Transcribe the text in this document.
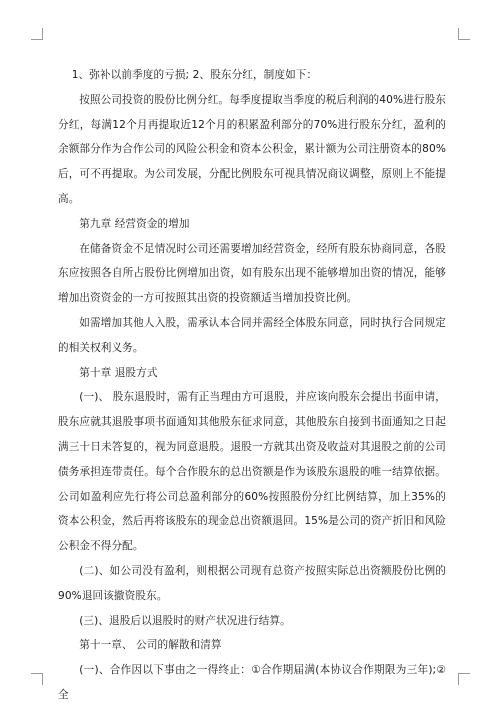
1、弥补以前季度的亏损; 2、股东分红，制度如下：

按照公司投资的股份比例分红。每季度提取当季度的税后利润的40%进行股东分红，每满12个月再提取近12个月的积累盈利部分的70%进行股东分红，盈利的余额部分作为合作公司的风险公积金和资本公积金，累计额为公司注册资本的80%后，可不再提取。为公司发展，分配比例股东可视具情况商议调整，原则上不能提高。

第九章 经营资金的增加

在储备资金不足情况时公司还需要增加经营资金，经所有股东协商同意，各股东应按照各自所占股份比例增加出资，如有股东出现不能够增加出资的情况，能够增加出资资金的一方可按照其出资的投资额适当增加投资比例。

如需增加其他人入股，需承认本合同并需经全体股东同意，同时执行合同规定的相关权利义务。

第十章 退股方式

(一)、 股东退股时，需有正当理由方可退股，并应该向股东会提出书面申请，股东应就其退股事项书面通知其他股东征求同意，其他股东自接到书面通知之日起满三十日未答复的，视为同意退股。退股一方就其出资及收益对其退股之前的公司债务承担连带责任。每个合作股东的总出资额是作为该股东退股的唯一结算依据。公司如盈利应先行将公司总盈利部分的60%按照股份分红比例结算，加上35%的资本公积金，然后再将该股东的现金总出资额退回。15%是公司的资产折旧和风险公积金不得分配。

(二)、如公司没有盈利，则根据公司现有总资产按照实际总出资额股份比例的90%退回该撤资股东。

(三)、退股后以退股时的财产状况进行结算。

第十一章、 公司的解散和清算

(一)、合作因以下事由之一得终止：①合作期届满(本协议合作期限为三年);② 全
